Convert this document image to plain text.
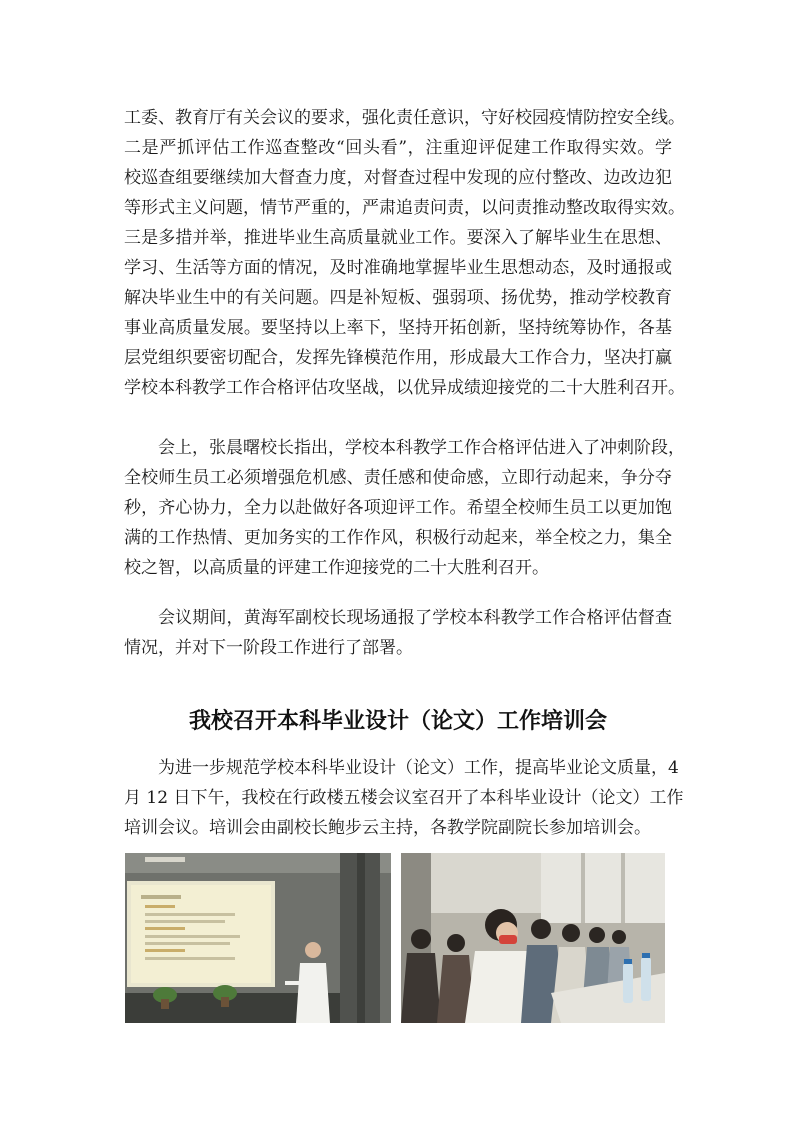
工委、教育厅有关会议的要求，强化责任意识，守好校园疫情防控安全线。
二是严抓评估工作巡查整改“回头看”，注重迎评促建工作取得实效。学
校巡查组要继续加大督查力度，对督查过程中发现的应付整改、边改边犯
等形式主义问题，情节严重的，严肃追责问责，以问责推动整改取得实效。
三是多措并举，推进毕业生高质量就业工作。要深入了解毕业生在思想、
学习、生活等方面的情况，及时准确地掌握毕业生思想动态，及时通报或
解决毕业生中的有关问题。四是补短板、强弱项、扬优势，推动学校教育
事业高质量发展。要坚持以上率下，坚持开拓创新，坚持统筹协作，各基
层党组织要密切配合，发挥先锋模范作用，形成最大工作合力，坚决打赢
学校本科教学工作合格评估攻坚战，以优异成绩迎接党的二十大胜利召开。
会上，张晨曙校长指出，学校本科教学工作合格评估进入了冲刺阶段，
全校师生员工必须增强危机感、责任感和使命感，立即行动起来，争分夺
秒，齐心协力，全力以赴做好各项迎评工作。希望全校师生员工以更加饱
满的工作热情、更加务实的工作作风，积极行动起来，举全校之力，集全
校之智，以高质量的评建工作迎接党的二十大胜利召开。
会议期间，黄海军副校长现场通报了学校本科教学工作合格评估督查
情况，并对下一阶段工作进行了部署。
我校召开本科毕业设计（论文）工作培训会
为进一步规范学校本科毕业设计（论文）工作，提高毕业论文质量，4
月 12 日下午，我校在行政楼五楼会议室召开了本科毕业设计（论文）工作
培训会议。培训会由副校长鲍步云主持，各教学院副院长参加培训会。
